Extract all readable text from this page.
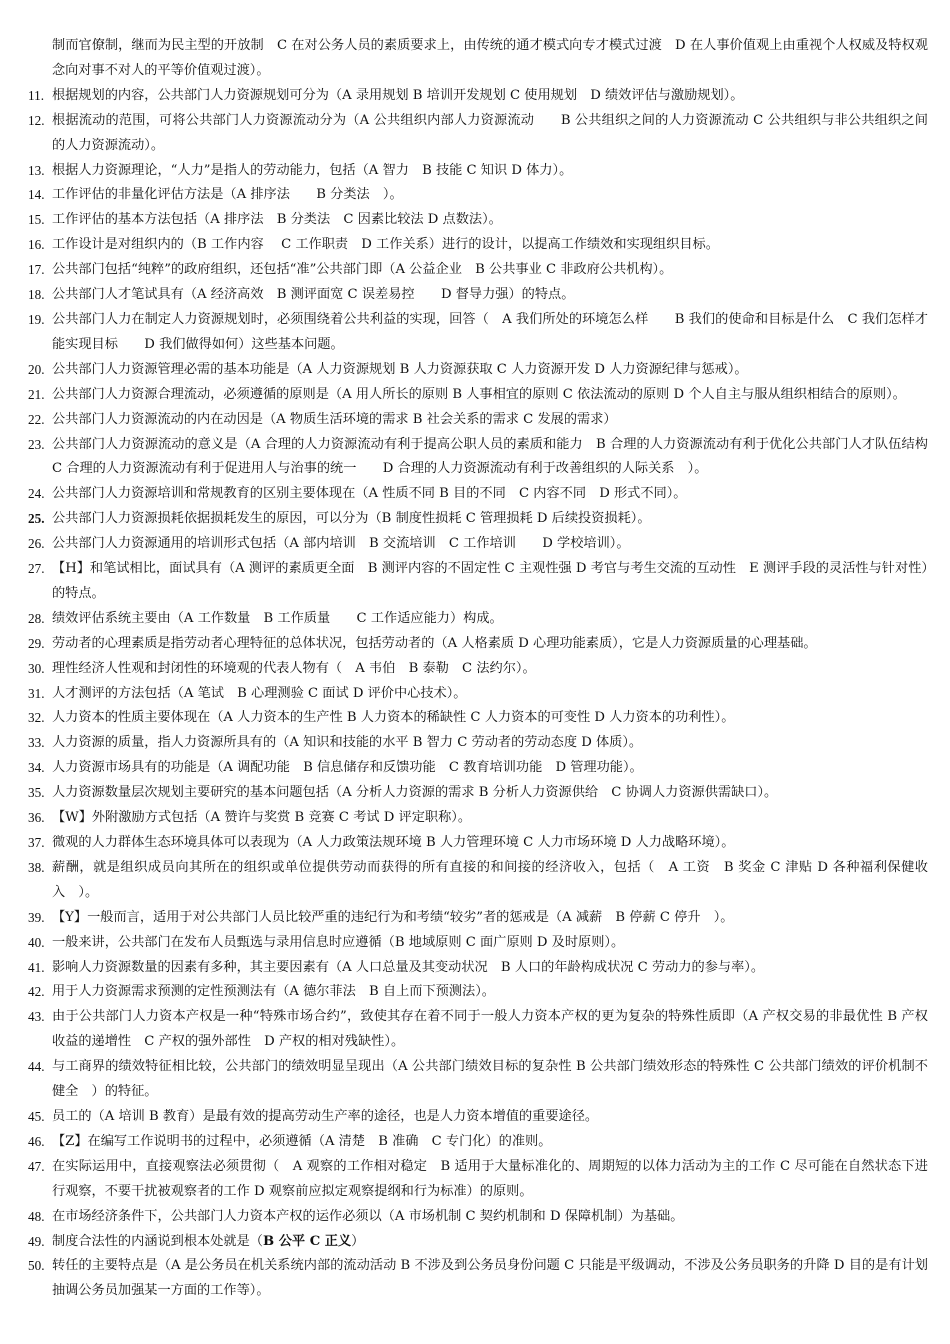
制而官僚制，继而为民主型的开放制　C 在对公务人员的素质要求上，由传统的通才模式向专才模式过渡　D 在人事价值观上由重视个人权威及特权观念向对事不对人的平等价值观过渡）。
11. 根据规划的内容，公共部门人力资源规划可分为（A 录用规划 B 培训开发规划 C 使用规划　D 绩效评估与激励规划）。
12. 根据流动的范围，可将公共部门人力资源流动分为（A 公共组织内部人力资源流动　　B 公共组织之间的人力资源流动 C 公共组织与非公共组织之间的人力资源流动）。
13. 根据人力资源理论，“人力”是指人的劳动能力，包括（A 智力　B 技能 C 知识 D 体力）。
14. 工作评估的非量化评估方法是（A 排序法　　B 分类法　）。
15. 工作评估的基本方法包括（A 排序法　B 分类法　C 因素比较法 D 点数法）。
16. 工作设计是对组织内的（B 工作内容　 C 工作职责　D 工作关系）进行的设计，以提高工作绩效和实现组织目标。
17. 公共部门包括“纯粹”的政府组织，还包括“准”公共部门即（A 公益企业　B 公共事业 C 非政府公共机构）。
18. 公共部门人才笔试具有（A 经济高效　B 测评面宽 C 误差易控　　D 督导力强）的特点。
19. 公共部门人力在制定人力资源规划时，必须围绕着公共利益的实现，回答（　A 我们所处的环境怎么样　　B 我们的使命和目标是什么　C 我们怎样才能实现目标　　D 我们做得如何）这些基本问题。
20. 公共部门人力资源管理必需的基本功能是（A 人力资源规划 B 人力资源获取 C 人力资源开发 D 人力资源纪律与惩戒）。
21. 公共部门人力资源合理流动，必须遵循的原则是（A 用人所长的原则 B 人事相宜的原则 C 依法流动的原则 D 个人自主与服从组织相结合的原则）。
22. 公共部门人力资源流动的内在动因是（A 物质生活环境的需求 B 社会关系的需求 C 发展的需求）
23. 公共部门人力资源流动的意义是（A 合理的人力资源流动有利于提高公职人员的素质和能力　B 合理的人力资源流动有利于优化公共部门人才队伍结构 C 合理的人力资源流动有利于促进用人与治事的统一　　D 合理的人力资源流动有利于改善组织的人际关系　）。
24. 公共部门人力资源培训和常规教育的区别主要体现在（A 性质不同 B 目的不同　C 内容不同　D 形式不同）。
25. 公共部门人力资源损耗依据损耗发生的原因，可以分为（B 制度性损耗 C 管理损耗 D 后续投资损耗）。
26. 公共部门人力资源通用的培训形式包括（A 部内培训　B 交流培训　C 工作培训　　D 学校培训）。
27. 【H】和笔试相比，面试具有（A 测评的素质更全面　B 测评内容的不固定性 C 主观性强 D 考官与考生交流的互动性　E 测评手段的灵活性与针对性）的特点。
28. 绩效评估系统主要由（A 工作数量　B 工作质量　　C 工作适应能力）构成。
29. 劳动者的心理素质是指劳动者心理特征的总体状况，包括劳动者的（A 人格素质 D 心理功能素质），它是人力资源质量的心理基础。
30. 理性经济人性观和封闭性的环境观的代表人物有（　A 韦伯　B 泰勒　C 法约尔）。
31. 人才测评的方法包括（A 笔试　B 心理测验 C 面试 D 评价中心技术）。
32. 人力资本的性质主要体现在（A 人力资本的生产性 B 人力资本的稀缺性 C 人力资本的可变性 D 人力资本的功利性）。
33. 人力资源的质量，指人力资源所具有的（A 知识和技能的水平 B 智力 C 劳动者的劳动态度 D 体质）。
34. 人力资源市场具有的功能是（A 调配功能　B 信息储存和反馈功能　C 教育培训功能　D 管理功能）。
35. 人力资源数量层次规划主要研究的基本问题包括（A 分析人力资源的需求 B 分析人力资源供给　C 协调人力资源供需缺口）。
36. 【W】外附激励方式包括（A 赞许与奖赏 B 竞赛 C 考试 D 评定职称）。
37. 微观的人力群体生态环境具体可以表现为（A 人力政策法规环境 B 人力管理环境 C 人力市场环境 D 人力战略环境）。
38. 薪酬，就是组织成员向其所在的组织或单位提供劳动而获得的所有直接的和间接的经济收入，包括（　A 工资　B 奖金 C 津贴 D 各种福利保健收入　）。
39. 【Y】一般而言，适用于对公共部门人员比较严重的违纪行为和考绩“较劣”者的惩戒是（A 减薪　B 停薪 C 停升　）。
40. 一般来讲，公共部门在发布人员甄选与录用信息时应遵循（B 地域原则 C 面广原则 D 及时原则）。
41. 影响人力资源数量的因素有多种，其主要因素有（A 人口总量及其变动状况　B 人口的年龄构成状况 C 劳动力的参与率）。
42. 用于人力资源需求预测的定性预测法有（A 德尔菲法　B 自上而下预测法）。
43. 由于公共部门人力资本产权是一种“特殊市场合约”，致使其存在着不同于一般人力资本产权的更为复杂的特殊性质即（A 产权交易的非最优性 B 产权收益的递增性　C 产权的强外部性　D 产权的相对残缺性）。
44. 与工商界的绩效特征相比较，公共部门的绩效明显呈现出（A 公共部门绩效目标的复杂性 B 公共部门绩效形态的特殊性 C 公共部门绩效的评价机制不健全　）的特征。
45. 员工的（A 培训 B 教育）是最有效的提高劳动生产率的途径，也是人力资本增值的重要途径。
46. 【Z】在编写工作说明书的过程中，必须遵循（A 清楚　B 准确　C 专门化）的准则。
47. 在实际运用中，直接观察法必须贯彻（　A 观察的工作相对稳定　B 适用于大量标准化的、周期短的以体力活动为主的工作 C 尽可能在自然状态下进行观察，不要干扰被观察者的工作 D 观察前应拟定观察提纲和行为标准）的原则。
48. 在市场经济条件下，公共部门人力资本产权的运作必须以（A 市场机制 C 契约机制和 D 保障机制）为基础。
49. 制度合法性的内涵说到根本处就是（B 公平 C 正义）
50. 转任的主要特点是（A 是公务员在机关系统内部的流动活动 B 不涉及到公务员身份问题 C 只能是平级调动，不涉及公务员职务的升降 D 目的是有计划抽调公务员加强某一方面的工作等）。
